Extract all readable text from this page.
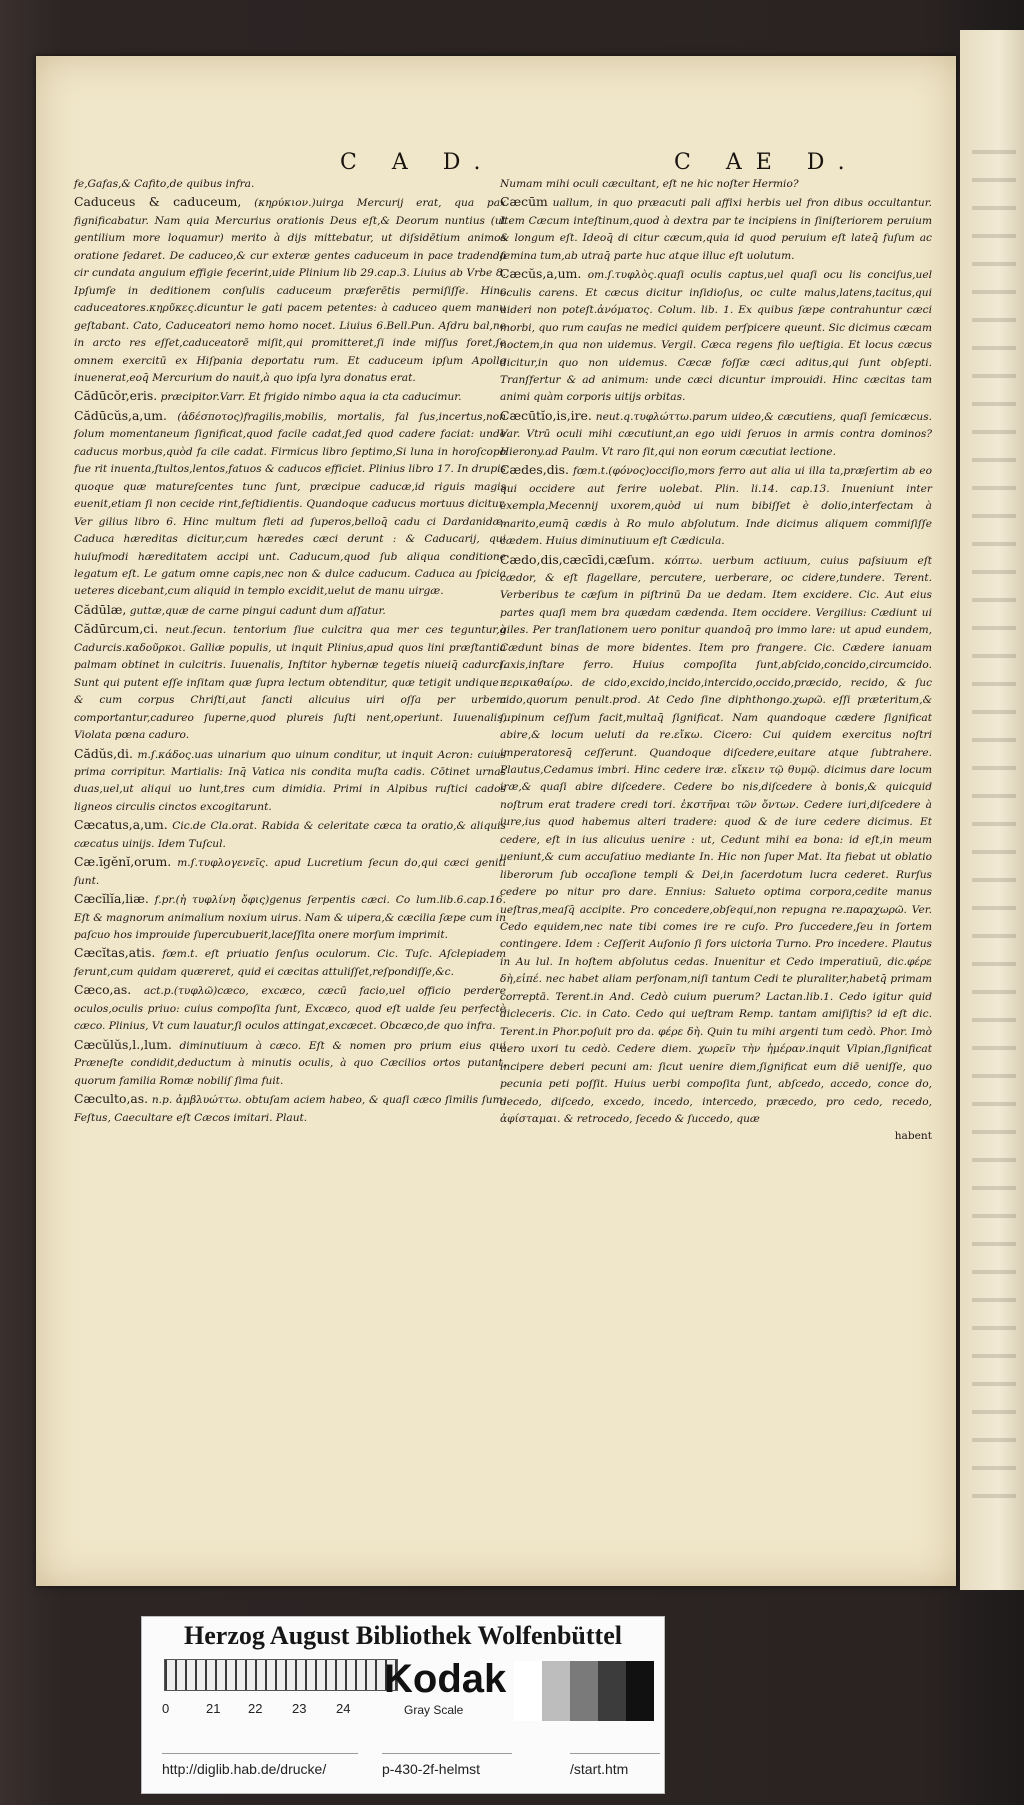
C A D.	C AE D.

fe,Gafas,& Cafito,de quibus infra.

Caduceus & caduceum, (κηρύκιον.)uirga Mercurij erat, qua pax fignificabatur. Nam quia Mercurius orationis Deus eſt,& Deorum nuntius (ut gentilium more loquamur) merito à dijs mittebatur, ut diſsidētium animos oratione ſedaret. De caduceo,& cur exteræ gentes caduceum in pace tradenda cir cundata anguium effigie fecerint,uide Plinium lib 29.cap.3. Liuius ab Vrbe 8. Ipſumſe in deditionem conſulis caduceum præferētis permiſiſſe. Hinc caduceatores.κηρῦκες.dicuntur le gati pacem petentes: à caduceo quem manu geſtabant. Cato, Caduceatori nemo homo nocet. Liuius 6.Bell.Pun. Aſdru bal,ne in arcto res eſſet,caduceatorē miſit,qui promitteret,ſi inde miſſus foret,ſe omnem exercitū ex Hiſpania deportatu rum. Et caduceum ipſum Apollo inuenerat,eoq̄ Mercurium do nauit,à quo ipſa lyra donatus erat.

Cădūcŏr,eris. præcipitor.Varr. Et frigido nimbo aqua ia cta caducimur.

Cădūcŭs,a,um. (ἀδέσποτος)fragilis,mobilis, mortalis, fal ſus,incertus,non ſolum momentaneum ſignificat,quod facile cadat,ſed quod cadere faciat: unde caducus morbus,quòd fa cile cadat. Firmicus libro ſeptimo,Si luna in horoſcopo fue rit inuenta,ſtultos,lentos,fatuos & caducos efficiet. Plinius libro 17. In drupis quoque quæ matureſcentes tunc ſunt, præcipue caducæ,id riguis magis euenit,etiam ſi non cecide rint,feſtidientis. Quandoque caducus mortuus dicitur. Ver gilius libro 6. Hinc multum fleti ad ſuperos,belloq̄ cadu ci Dardanidæ. Caduca hæreditas dicitur,cum hæredes cæci derunt : & Caducarij, qui huiuſmodi hæreditatem accipi unt. Caducum,quod ſub aliqua conditione legatum eſt. Le gatum omne capis,nec non & dulce caducum. Caduca au ſpicia ueteres dicebant,cum aliquid in templo excidit,uelut de manu uirgæ.

Cădūlæ, guttæ,quæ de carne pingui cadunt dum aſſatur.

Cădūrcum,ci. neut.ſecun. tentorium ſiue culcitra qua mer ces teguntur,à Cadurcis.καδοῦρκοι. Galliæ populis, ut inquit Plinius,apud quos lini præſtantia palmam obtinet in culcitris. Iuuenalis, Inſtitor hybernæ tegetis niueiq̄ cadurci. Sunt qui putent eſſe inſitam quæ ſupra lectum obtenditur, quæ tetigit undique : & cum corpus Chriſti,aut ſancti alicuius uiri oſſa per urbem comportantur,cadureo ſuperne,quod plureis ſuſti nent,operiunt. Iuuenalis, Violata pœna caduro.

Cădŭs,di. m.ſ.κάδος.uas uinarium quo uinum conditur, ut inquit Acron: cuius prima corripitur. Martialis: Inq̄ Vatica nis condita muſta cadis. Cōtinet urnas duas,uel,ut aliqui uo lunt,tres cum dimidia. Primi in Alpibus ruſtici cados ligneos circulis cinctos excogitarunt.

Cæcatus,a,um. Cic.de Cla.orat. Rabida & celeritate cæca ta oratio,& aliquis cæcatus uinijs. Idem Tuſcul.

Cæ.īgĕnĭ,orum. m.ſ.τυφλογενεῖς. apud Lucretium ſecun do,qui cæci geniti ſunt.

Cæcĭlĭa,liæ. f.pr.(ἡ τυφλίνη ὄφις)genus ſerpentis cæci. Co lum.lib.6.cap.16. Eſt & magnorum animalium noxium uirus. Nam & uipera,& cæcilia ſæpe cum in paſcuo hos improuide ſupercubuerit,laceſſita onere morſum imprimit.

Cæcĭtas,atis. fœm.t. eſt priuatio ſenſus oculorum. Cic. Tuſc. Aſclepiadem ferunt,cum quidam quæreret, quid ei cæcitas attuliſſet,reſpondiſſe,&c.

Cæco,as. act.p.(τυφλῶ)cæco, excæco, cæcū facio,uel officio perdere oculos,oculis priuo: cuius compoſita ſunt, Excæco, quod eſt ualde ſeu perfectè cæco. Plinius, Vt cum lauatur,ſi oculos attingat,excæcet. Obcæco,de quo infra.

Cæcŭlŭs,l.,lum. diminutiuum à cæco. Eſt & nomen pro prium eius qui Præneſte condidit,deductum à minutis oculis, à quo Cæcilios ortos putant, quorum familia Romæ nobiliſ ſima fuit.

Cæculto,as. n.p. ἀμβλυώττω. obtuſam aciem habeo, & quaſi cæco ſimilis ſum. Feſtus, Caecultare eſt Cæcos imitari. Plaut.

Numam mihi oculi cæcultant, eſt ne hic noſter Hermio?

Cæcūm uallum, in quo præacuti pali affixi herbis uel fron dibus occultantur. Item Cæcum inteſtinum,quod à dextra par te incipiens in ſiniſteriorem peruium & longum eſt. Ideoq̄ di citur cæcum,quia id quod peruium eſt lateq̄ fuſum ac ſemina tum,ab utraq̄ parte huc atque illuc eſt uolutum.

Cæcŭs,a,um. om.ſ.τυφλὸς.quaſi oculis captus,uel quaſi ocu lis conciſus,uel oculis carens. Et cæcus dicitur inſidioſus, oc culte malus,latens,tacitus,qui uideri non poteſt.ἀνόματος. Colum. lib. 1. Ex quibus ſæpe contrahuntur cæci morbi, quo rum cauſas ne medici quidem perſpicere queunt. Sic dicimus cæcam noctem,in qua non uidemus. Vergil. Cæca regens filo ueſtigia. Et locus cæcus dicitur,in quo non uidemus. Cæcæ foſſæ cæci aditus,qui ſunt obſepti. Tranſfertur & ad animum: unde cæci dicuntur improuidi. Hinc cæcitas tam animi quàm corporis uitijs orbitas.

Cæcūtĭo,is,ire. neut.q.τυφλώττω.parum uideo,& cæcutiens, quaſi ſemicæcus. Var. Vtrū oculi mihi cæcutiunt,an ego uidi ſeruos in armis contra dominos? Hierony.ad Paulm. Vt raro ſit,qui non eorum cæcutiat lectione.

Cædes,dis. fœm.t.(φόνος)occiſio,mors ferro aut alia ui illa ta,præſertim ab eo qui occidere aut ferire uolebat. Plin. li.14. cap.13. Inueniunt inter exempla,Mecennij uxorem,quòd ui num bibiſſet è dolio,interfectam à marito,eumq̄ cædis à Ro mulo abſolutum. Inde dicimus aliquem commiſiſſe cædem. Huius diminutiuum eſt Cædicula.

Cædo,dis,cæcīdi,cæſum. κόπτω. uerbum actiuum, cuius paſsiuum eſt cædor, & eſt flagellare, percutere, uerberare, oc cidere,tundere. Terent. Verberibus te cæſum in piſtrinū Da ue dedam. Item excidere. Cic. Aut eius partes quaſi mem bra quædam cædenda. Item occidere. Vergilius: Cædiunt ui giles. Per tranſlationem uero ponitur quandoq̄ pro immo lare: ut apud eundem, Cædunt binas de more bidentes. Item pro frangere. Cic. Cædere ianuam ſaxis,inſtare ferro. Huius compoſita ſunt,abſcido,concido,circumcido. περικαθαίρω. de cido,excido,incido,intercido,occido,præcido, recido, & ſuc cido,quorum penult.prod. At Cedo ſine diphthongo.χωρῶ. eſſi præteritum,& ſupinum ceſſum facit,multaq̄ ſignificat. Nam quandoque cædere ſignificat abire,& locum ueluti da re.εἴκω. Cicero: Cui quidem exercitus noſtri imperatoresq̄ ceſſerunt. Quandoque diſcedere,euitare atque ſubtrahere. Plautus,Cedamus imbri. Hinc cedere iræ. εἴκειν τῷ θυμῷ. dicimus dare locum iræ,& quaſi abire diſcedere. Cedere bo nis,diſcedere à bonis,& quicquid noſtrum erat tradere credi tori. ἐκστῆναι τῶν ὄντων. Cedere iuri,diſcedere à iure,ius quod habemus alteri tradere: quod & de iure cedere dicimus. Et cedere, eſt in ius alicuius uenire : ut, Cedunt mihi ea bona: id eſt,in meum ueniunt,& cum accuſatiuo mediante In. Hic non ſuper Mat. Ita fiebat ut oblatio liberorum ſub occaſione templi & Dei,in ſacerdotum lucra cederet. Rurſus cedere po nitur pro dare. Ennius: Salueto optima corpora,cedite manus ueſtras,meaſq̄ accipite. Pro concedere,obſequi,non repugna re.παραχωρῶ. Ver. Cedo equidem,nec nate tibi comes ire re cuſo. Pro ſuccedere,ſeu in ſortem contingere. Idem : Ceſſerit Auſonio ſi fors uictoria Turno. Pro incedere. Plautus in Au lul. In hoſtem abſolutus cedas. Inuenitur et Cedo imperatiuū, dic.φέρε δὴ,εἰπέ. nec habet aliam perſonam,niſi tantum Cedi te pluraliter,habetq̄ primam correptā. Terent.in And. Cedò cuium puerum? Lactan.lib.1. Cedo igitur quid dicleceris. Cic. in Cato. Cedo qui ueſtram Remp. tantam amiſiſtis? id eſt dic. Terent.in Phor.poſuit pro da. φέρε δὴ. Quin tu mihi argenti tum cedò. Phor. Imò uero uxori tu cedò. Cedere diem. χωρεῖν τὴν ἡμέραν.inquit Vlpian,ſignificat incipere deberi pecuni am: ſicut uenire diem,ſignificat eum diē ueniſſe, quo pecunia peti poſſit. Huius uerbi compoſita ſunt, abſcedo, accedo, conce do, decedo, diſcedo, excedo, incedo, intercedo, præcedo, pro cedo, recedo, ἀφίσταμαι. & retrocedo, ſecedo & ſuccedo, quæ

habent

Herzog August Bibliothek Wolfenbüttel
0	21 22 23 24
Kodak
Gray Scale
http://diglib.hab.de/drucke/	p-430-2f-helmst	/start.htm
